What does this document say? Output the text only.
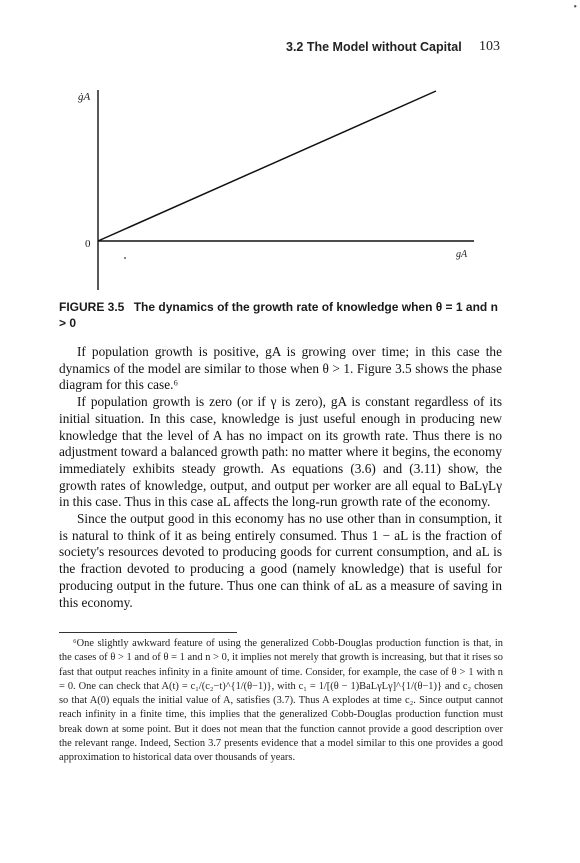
•
3.2 The Model without Capital 103
ġA
0
gA
FIGURE 3.5 The dynamics of the growth rate of knowledge when θ = 1 and n > 0

If population growth is positive, gA is growing over time; in this case the dynamics of the model are similar to those when θ > 1. Figure 3.5 shows the phase diagram for this case.⁶

If population growth is zero (or if γ is zero), gA is constant regardless of its initial situation. In this case, knowledge is just useful enough in producing new knowledge that the level of A has no impact on its growth rate. Thus there is no adjustment toward a balanced growth path: no matter where it begins, the economy immediately exhibits steady growth. As equations (3.6) and (3.11) show, the growth rates of knowledge, output, and output per worker are all equal to BaLγLγ in this case. Thus in this case aL affects the long-run growth rate of the economy.

Since the output good in this economy has no use other than in consumption, it is natural to think of it as being entirely consumed. Thus 1 − aL is the fraction of society's resources devoted to producing goods for current consumption, and aL is the fraction devoted to producing a good (namely knowledge) that is useful for producing output in the future. Thus one can think of aL as a measure of saving in this economy.

⁶One slightly awkward feature of using the generalized Cobb-Douglas production function is that, in the cases of θ > 1 and of θ = 1 and n > 0, it implies not merely that growth is increasing, but that it rises so fast that output reaches infinity in a finite amount of time. Consider, for example, the case of θ > 1 with n = 0. One can check that A(t) = c₁/(c₂−t)^{1/(θ−1)}, with c₁ = 1/[(θ − 1)BaLγLγ]^{1/(θ−1)} and c₂ chosen so that A(0) equals the initial value of A, satisfies (3.7). Thus A explodes at time c₂. Since output cannot reach infinity in a finite time, this implies that the generalized Cobb-Douglas production function must break down at some point. But it does not mean that the function cannot provide a good description over the relevant range. Indeed, Section 3.7 presents evidence that a model similar to this one provides a good approximation to historical data over thousands of years.
